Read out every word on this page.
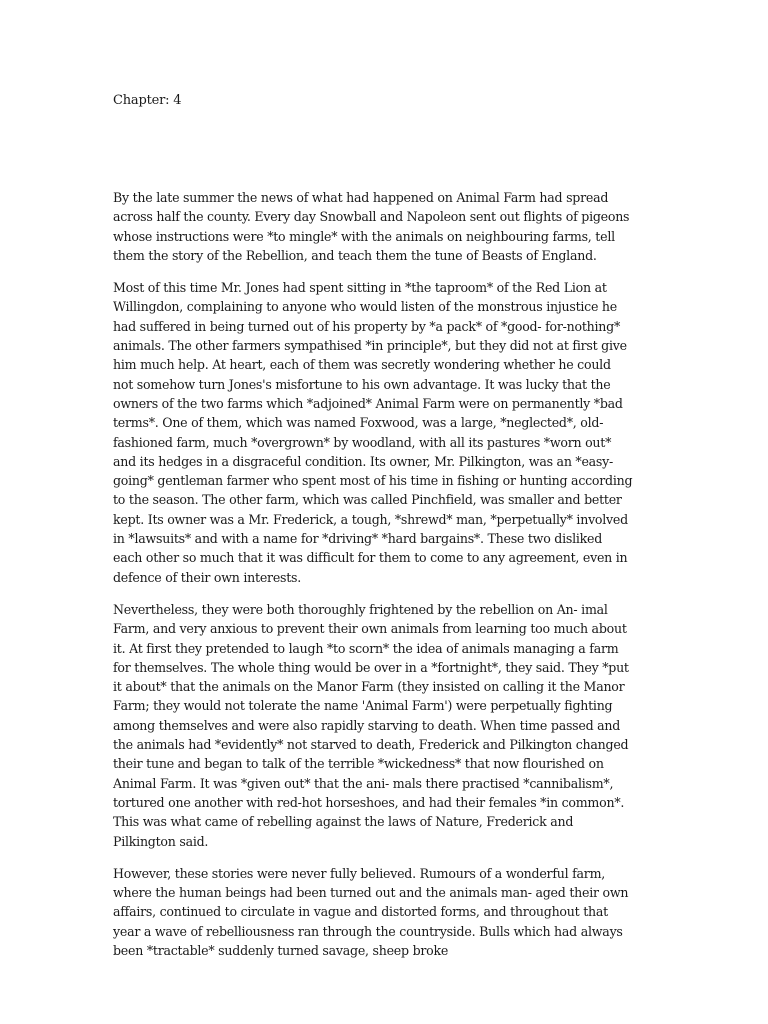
Chapter: 4

By the late summer the news of what had happened on Animal Farm had spread across half the county. Every day Snowball and Napoleon sent out flights of pigeons whose instructions were *to mingle* with the animals on neighbouring farms, tell them the story of the Rebellion, and teach them the tune of Beasts of England.

Most of this time Mr. Jones had spent sitting in *the taproom* of the Red Lion at Willingdon, complaining to anyone who would listen of the monstrous injustice he had suffered in being turned out of his property by *a pack* of *good- for-nothing* animals. The other farmers sympathised *in principle*, but they did not at first give him much help. At heart, each of them was secretly wondering whether he could not somehow turn Jones's misfortune to his own advantage. It was lucky that the owners of the two farms which *adjoined* Animal Farm were on permanently *bad terms*. One of them, which was named Foxwood, was a large, *neglected*, old-fashioned farm, much *overgrown* by woodland, with all its pastures *worn out* and its hedges in a disgraceful condition. Its owner, Mr. Pilkington, was an *easy-going* gentleman farmer who spent most of his time in fishing or hunting according to the season. The other farm, which was called Pinchfield, was smaller and better kept. Its owner was a Mr. Frederick, a tough, *shrewd* man, *perpetually* involved in *lawsuits* and with a name for *driving* *hard bargains*. These two disliked each other so much that it was difficult for them to come to any agreement, even in defence of their own interests.

Nevertheless, they were both thoroughly frightened by the rebellion on An- imal Farm, and very anxious to prevent their own animals from learning too much about it. At first they pretended to laugh *to scorn* the idea of animals managing a farm for themselves. The whole thing would be over in a *fortnight*, they said. They *put it about* that the animals on the Manor Farm (they insisted on calling it the Manor Farm; they would not tolerate the name 'Animal Farm') were perpetually fighting among themselves and were also rapidly starving to death. When time passed and the animals had *evidently* not starved to death, Frederick and Pilkington changed their tune and began to talk of the terrible *wickedness* that now flourished on Animal Farm. It was *given out* that the ani- mals there practised *cannibalism*, tortured one another with red-hot horseshoes, and had their females *in common*. This was what came of rebelling against the laws of Nature, Frederick and Pilkington said.

However, these stories were never fully believed. Rumours of a wonderful farm, where the human beings had been turned out and the animals man- aged their own affairs, continued to circulate in vague and distorted forms, and throughout that year a wave of rebelliousness ran through the countryside. Bulls which had always been *tractable* suddenly turned savage, sheep broke
